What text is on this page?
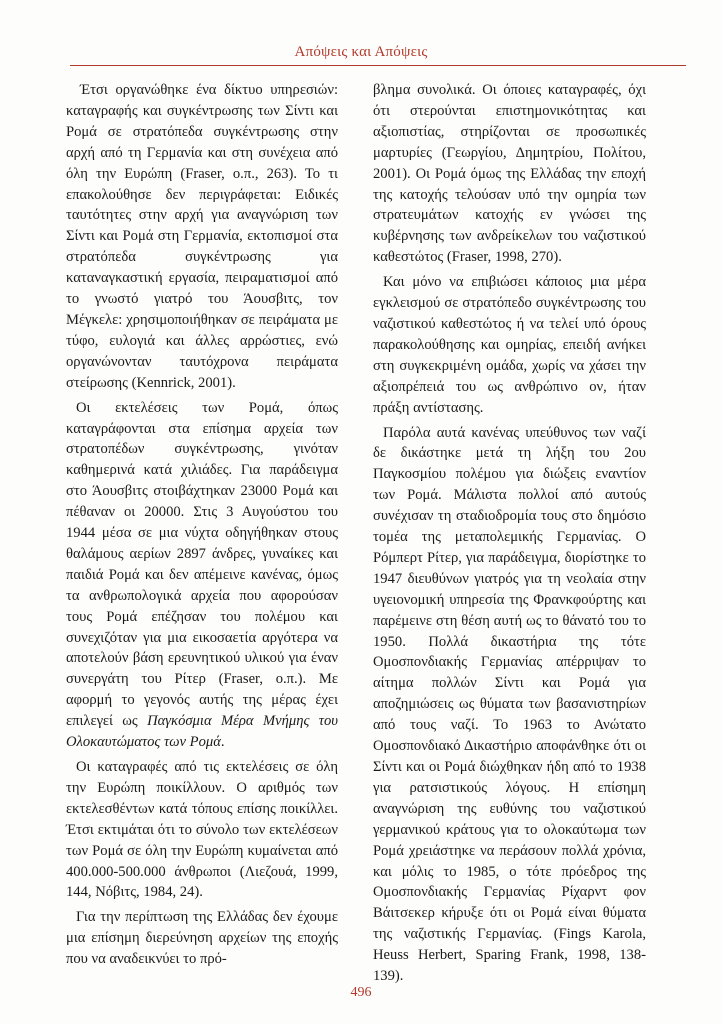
Απόψεις και Απόψεις

Έτσι οργανώθηκε ένα δίκτυο υπηρεσιών: καταγραφής και συγκέντρωσης των Σίντι και Ρομά σε στρατόπεδα συγκέντρωσης στην αρχή από τη Γερμανία και στη συνέχεια από όλη την Ευρώπη (Fraser, ο.π., 263). Το τι επακολούθησε δεν περιγράφεται: Ειδικές ταυτότητες στην αρχή για αναγνώριση των Σίντι και Ρομά στη Γερμανία, εκτοπισμοί στα στρατόπεδα συγκέντρωσης για καταναγκαστική εργασία, πειραματισμοί από το γνωστό γιατρό του Άουσβιτς, τον Μέγκελε: χρησιμοποιήθηκαν σε πειράματα με τύφο, ευλογιά και άλλες αρρώστιες, ενώ οργανώνονταν ταυτόχρονα πειράματα στείρωσης (Kennrick, 2001).

Οι εκτελέσεις των Ρομά, όπως καταγράφονται στα επίσημα αρχεία των στρατοπέδων συγκέντρωσης, γινόταν καθημερινά κατά χιλιάδες. Για παράδειγμα στο Άουσβιτς στοιβάχτηκαν 23000 Ρομά και πέθαναν οι 20000. Στις 3 Αυγούστου του 1944 μέσα σε μια νύχτα οδηγήθηκαν στους θαλάμους αερίων 2897 άνδρες, γυναίκες και παιδιά Ρομά και δεν απέμεινε κανένας, όμως τα ανθρωπολογικά αρχεία που αφορούσαν τους Ρομά επέζησαν του πολέμου και συνεχιζόταν για μια εικοσαετία αργότερα να αποτελούν βάση ερευνητικού υλικού για έναν συνεργάτη του Ρίτερ (Fraser, ο.π.). Με αφορμή το γεγονός αυτής της μέρας έχει επιλεγεί ως Παγκόσμια Μέρα Μνήμης του Ολοκαυτώματος των Ρομά.

Οι καταγραφές από τις εκτελέσεις σε όλη την Ευρώπη ποικίλλουν. Ο αριθμός των εκτελεσθέντων κατά τόπους επίσης ποικίλλει. Έτσι εκτιμάται ότι το σύνολο των εκτελέσεων των Ρομά σε όλη την Ευρώπη κυμαίνεται από 400.000-500.000 άνθρωποι (Λιεζουά, 1999, 144, Νόβιτς, 1984, 24).

Για την περίπτωση της Ελλάδας δεν έχουμε μια επίσημη διερεύνηση αρχείων της εποχής που να αναδεικνύει το πρό-

βλημα συνολικά. Οι όποιες καταγραφές, όχι ότι στερούνται επιστημονικότητας και αξιοπιστίας, στηρίζονται σε προσωπικές μαρτυρίες (Γεωργίου, Δημητρίου, Πολίτου, 2001). Οι Ρομά όμως της Ελλάδας την εποχή της κατοχής τελούσαν υπό την ομηρία των στρατευμάτων κατοχής εν γνώσει της κυβέρνησης των ανδρείκελων του ναζιστικού καθεστώτος (Fraser, 1998, 270).

Και μόνο να επιβιώσει κάποιος μια μέρα εγκλεισμού σε στρατόπεδο συγκέντρωσης του ναζιστικού καθεστώτος ή να τελεί υπό όρους παρακολούθησης και ομηρίας, επειδή ανήκει στη συγκεκριμένη ομάδα, χωρίς να χάσει την αξιοπρέπειά του ως ανθρώπινο ον, ήταν πράξη αντίστασης.

Παρόλα αυτά κανένας υπεύθυνος των ναζί δε δικάστηκε μετά τη λήξη του 2ου Παγκοσμίου πολέμου για διώξεις εναντίον των Ρομά. Μάλιστα πολλοί από αυτούς συνέχισαν τη σταδιοδρομία τους στο δημόσιο τομέα της μεταπολεμικής Γερμανίας. Ο Ρόμπερτ Ρίτερ, για παράδειγμα, διορίστηκε το 1947 διευθύνων γιατρός για τη νεολαία στην υγειονομική υπηρεσία της Φρανκφούρτης και παρέμεινε στη θέση αυτή ως το θάνατό του το 1950. Πολλά δικαστήρια της τότε Ομοσπονδιακής Γερμανίας απέρριψαν το αίτημα πολλών Σίντι και Ρομά για αποζημιώσεις ως θύματα των βασανιστηρίων από τους ναζί. Το 1963 το Ανώτατο Ομοσπονδιακό Δικαστήριο αποφάνθηκε ότι οι Σίντι και οι Ρομά διώχθηκαν ήδη από το 1938 για ρατσιστικούς λόγους. Η επίσημη αναγνώριση της ευθύνης του ναζιστικού γερμανικού κράτους για το ολοκαύτωμα των Ρομά χρειάστηκε να περάσουν πολλά χρόνια, και μόλις το 1985, ο τότε πρόεδρος της Ομοσπονδιακής Γερμανίας Ρίχαρντ φον Βάιτσεκερ κήρυξε ότι οι Ρομά είναι θύματα της ναζιστικής Γερμανίας. (Fings Karola, Heuss Herbert, Sparing Frank, 1998, 138-139).

496
